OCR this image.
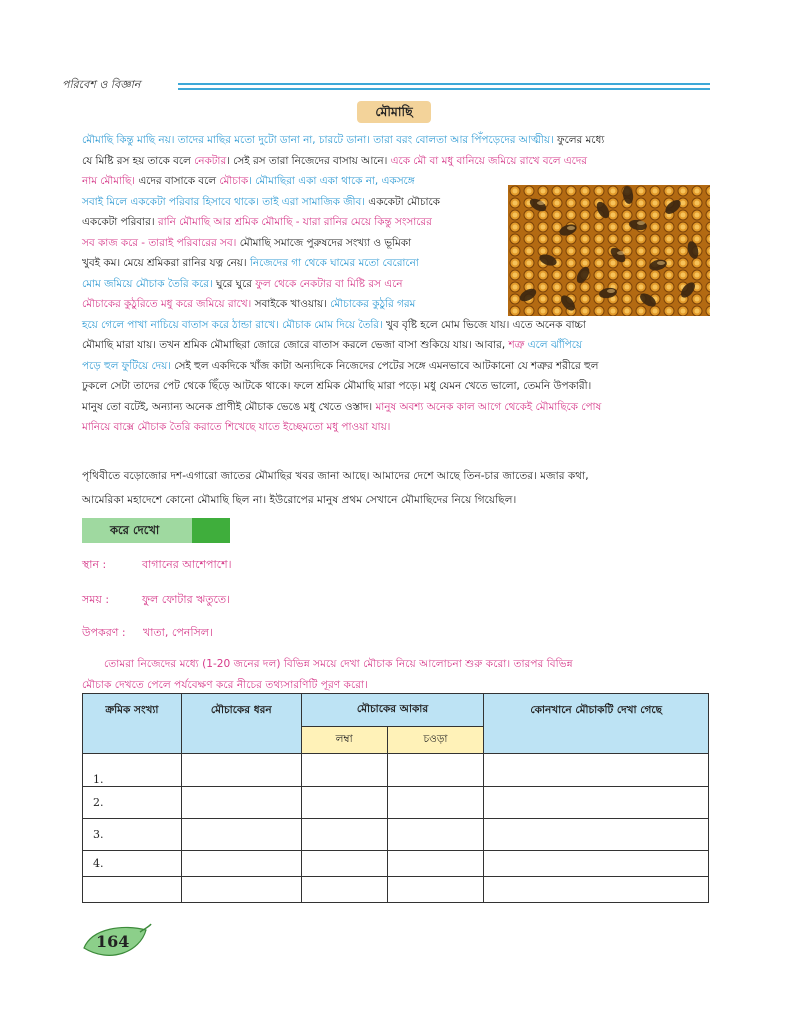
পরিবেশ ও বিজ্ঞান
মৌমাছি

মৌমাছি কিন্তু মাছি নয়। তাদের মাছির মতো দুটো ডানা না, চারটে ডানা। তারা বরং বোলতা আর পিঁপড়েদের আত্মীয়। ফুলের মধ্যে

যে মিষ্টি রস হয় তাকে বলে নেকটার। সেই রস তারা নিজেদের বাসায় আনে। একে মৌ বা মধু বানিয়ে জমিয়ে রাখে বলে এদের

নাম মৌমাছি। এদের বাসাকে বলে মৌচাক। মৌমাছিরা একা একা থাকে না, একসঙ্গে

সবাই মিলে এককেটা পরিবার হিসাবে থাকে। তাই এরা সামাজিক জীব। এককেটা মৌচাকে

এককেটা পরিবার। রানি মৌমাছি আর শ্রমিক মৌমাছি - যারা রানির মেয়ে কিন্তু সংসারের

সব কাজ করে - তারাই পরিবারের সব। মৌমাছি সমাজে পুরুষদের সংখ্যা ও ভূমিকা

খুবই কম। মেয়ে শ্রমিকরা রানির যত্ন নেয়। নিজেদের গা থেকে ঘামের মতো বেরোনো

মোম জমিয়ে মৌচাক তৈরি করে। ঘুরে ঘুরে ফুল থেকে নেকটার বা মিষ্টি রস এনে

মৌচাকের কুঠুরিতে মধু করে জমিয়ে রাখে। সবাইকে খাওয়ায়। মৌচাকের কুঠুরি গরম

হয়ে গেলে পাখা নাচিয়ে বাতাস করে ঠান্ডা রাখে। মৌচাক মোম দিয়ে তৈরি। খুব বৃষ্টি হলে মোম ভিজে যায়। এতে অনেক বাচ্চা

মৌমাছি মারা যায়। তখন শ্রমিক মৌমাছিরা জোরে জোরে বাতাস করলে ভেজা বাসা শুকিয়ে যায়। আবার, শত্রু এলে ঝাঁপিয়ে

পড়ে হুল ফুটিয়ে দেয়। সেই হুল একদিকে খাঁজ কাটা অন্যদিকে নিজেদের পেটের সঙ্গে এমনভাবে আটকানো যে শত্রুর শরীরে হুল

ঢুকলে সেটা তাদের পেট থেকে ছিঁড়ে আটকে থাকে। ফলে শ্রমিক মৌমাছি মারা পড়ে। মধু যেমন খেতে ভালো, তেমনি উপকারী।

মানুষ তো বটেই, অন্যান্য অনেক প্রাণীই মৌচাক ভেঙে মধু খেতে ওস্তাদ। মানুষ অবশ্য অনেক কাল আগে থেকেই মৌমাছিকে পোষ

মানিয়ে বাক্সে মৌচাক তৈরি করাতে শিখেছে যাতে ইচ্ছেমতো মধু পাওয়া যায়।

পৃথিবীতে বড়োজোর দশ-এগারো জাতের মৌমাছির খবর জানা আছে। আমাদের দেশে আছে তিন-চার জাতের। মজার কথা,

আমেরিকা মহাদেশে কোনো মৌমাছি ছিল না। ইউরোপের মানুষ প্রথম সেখানে মৌমাছিদের নিয়ে গিয়েছিল।

করে দেখো
স্থান :	বাগানের আশেপাশে।
সময় :	ফুল ফোটার ঋতুতে।
উপকরণ : খাতা, পেনসিল।

তোমরা নিজেদের মধ্যে (1-20 জনের দল) বিভিন্ন সময়ে দেখা মৌচাক নিয়ে আলোচনা শুরু করো। তারপর বিভিন্ন

মৌচাক দেখতে পেলে পর্যবেক্ষণ করে নীচের তথ্যসারণিটি পূরণ করো।

ক্রমিক সংখ্যা	মৌচাকের ধরন	মৌচাকের আকার		কোনখানে মৌচাকটি দেখা গেছে
		লম্বা	চওড়া	
1.				
2.				
3.				
4.				

164
